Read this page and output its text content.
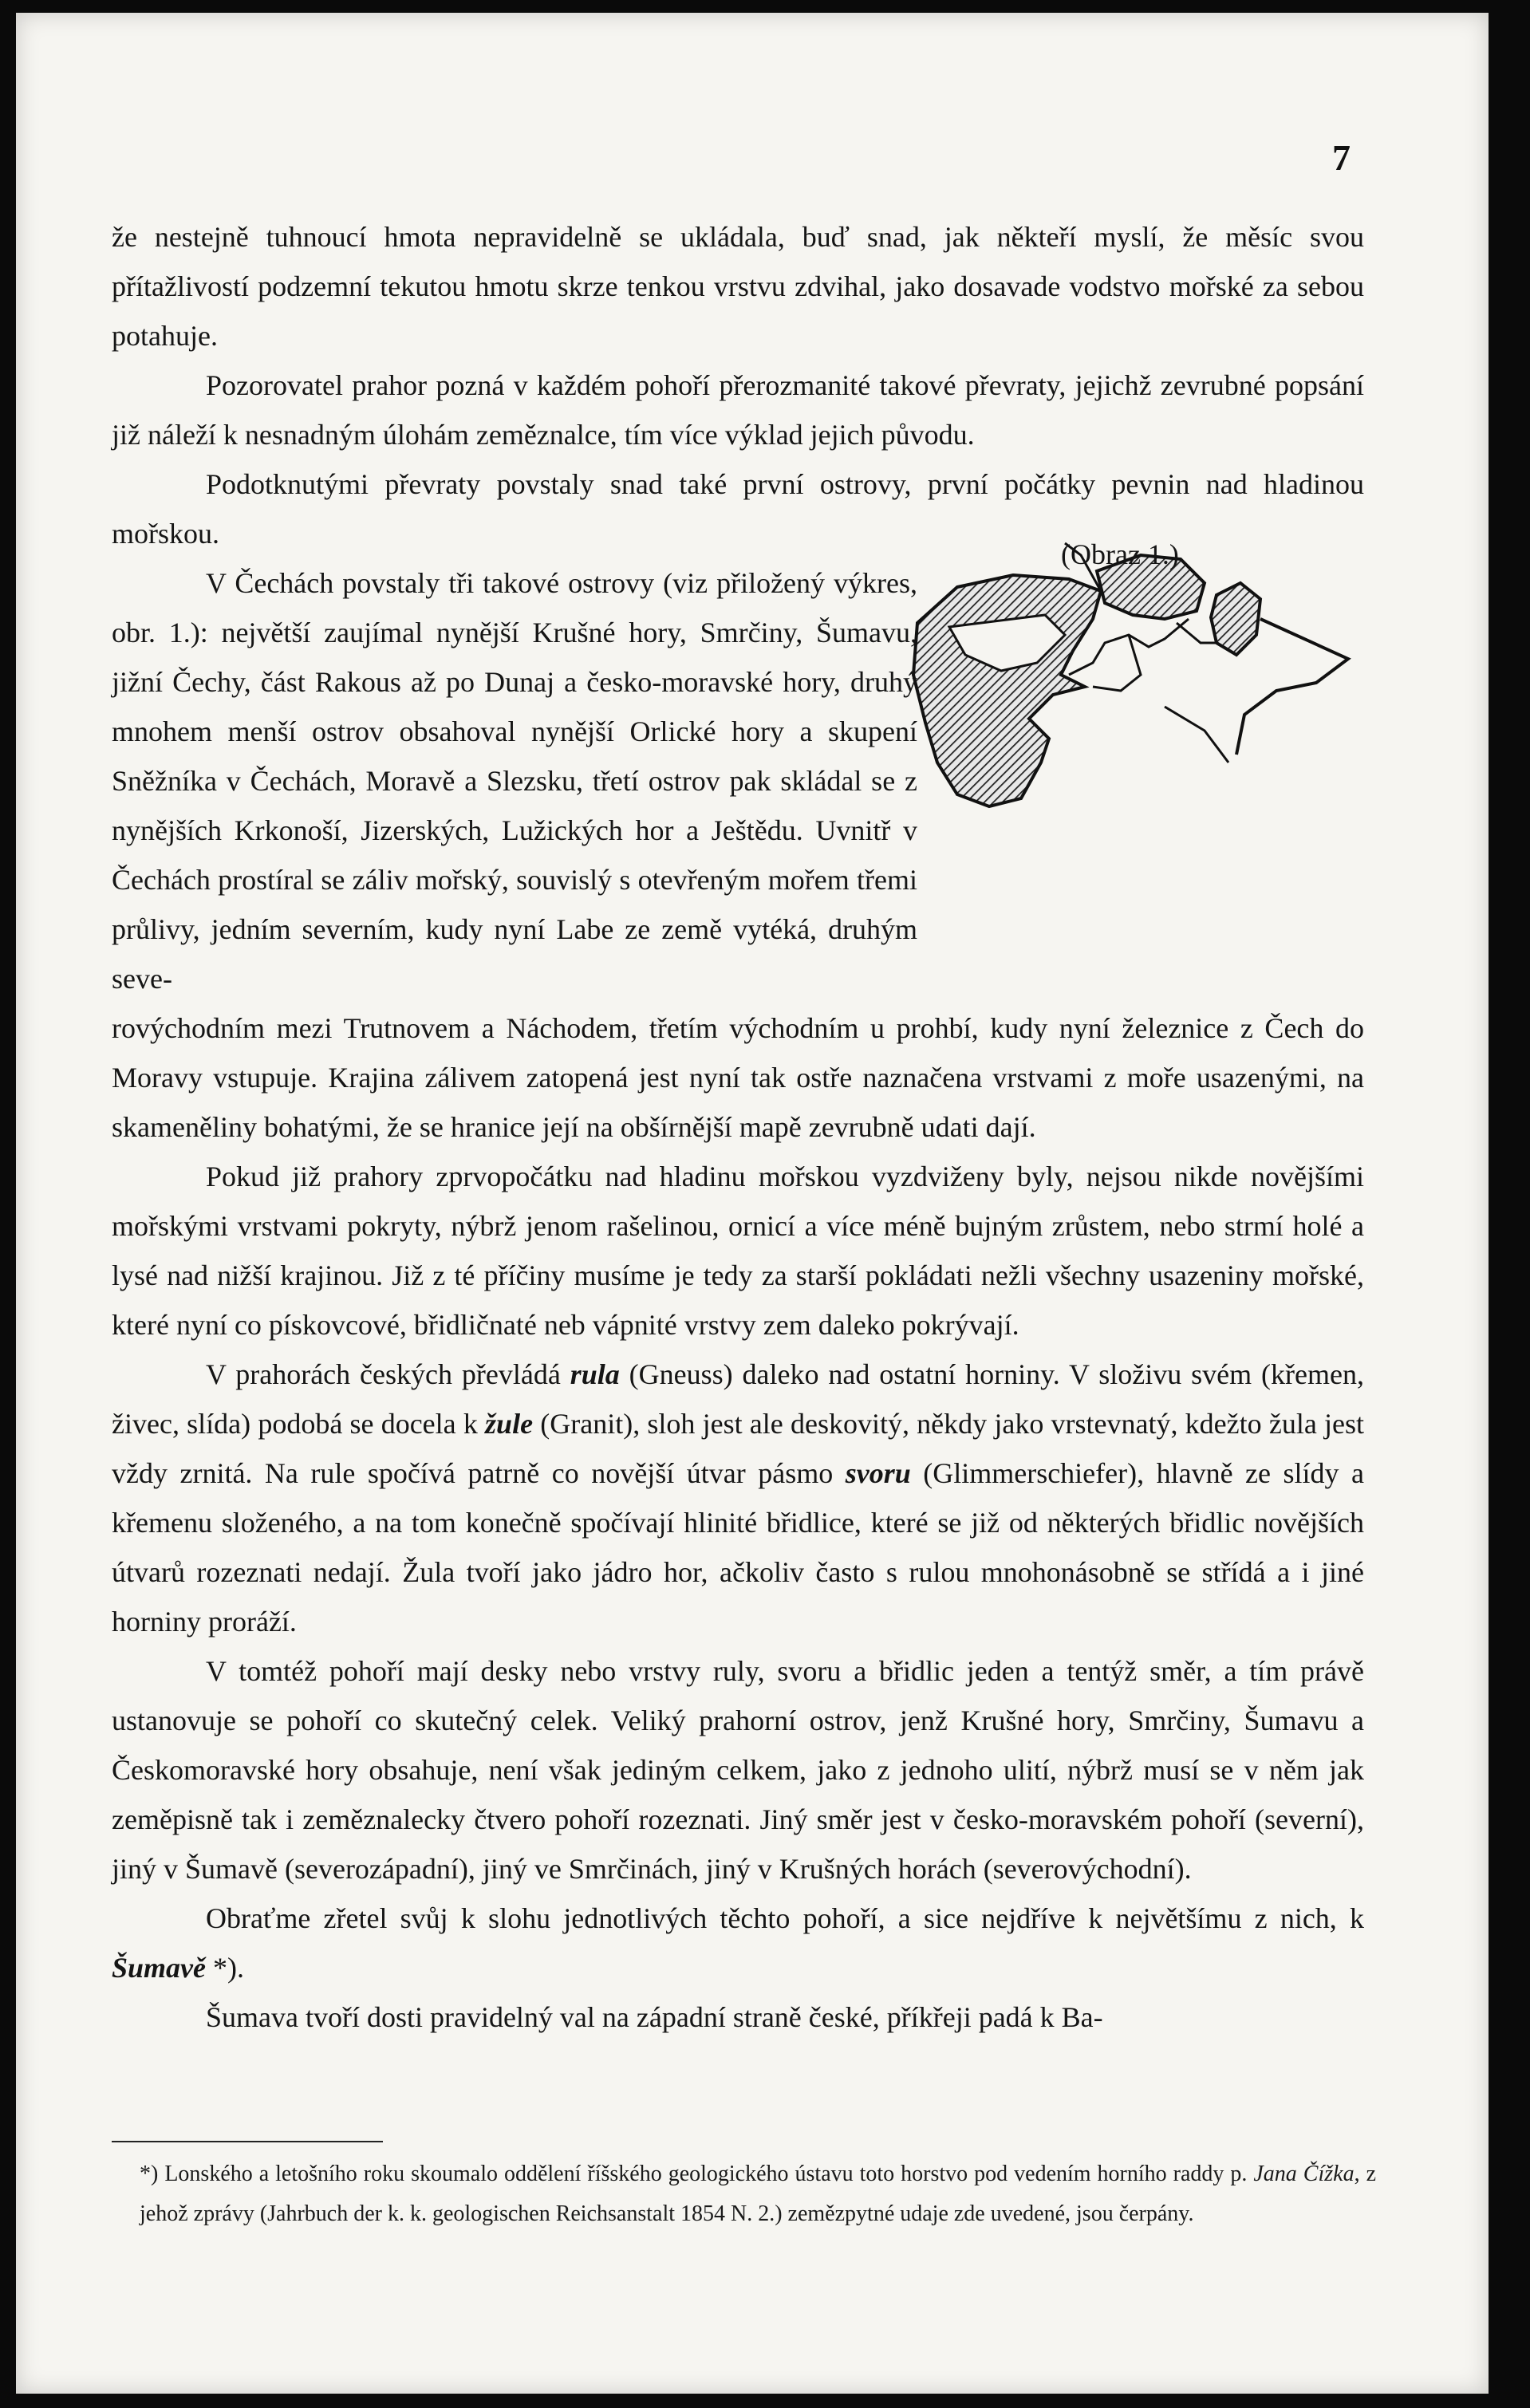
7
(Obraz 1.)

že nestejně tuhnoucí hmota nepravidelně se ukládala, buď snad, jak někteří myslí, že měsíc svou přítažlivostí podzemní tekutou hmotu skrze tenkou vrstvu zdvihal, jako dosavade vodstvo mořské za sebou potahuje.

Pozorovatel prahor pozná v každém pohoří přerozmanité takové převraty, jejichž zevrubné popsání již náleží k nesnadným úlohám zeměznalce, tím více výklad jejich původu.

Podotknutými převraty povstaly snad také první ostrovy, první počátky pevnin nad hladinou mořskou.

V Čechách povstaly tři takové ostrovy (viz přiložený výkres, obr. 1.): největší zaujímal nynější Krušné hory, Smrčiny, Šumavu, jižní Čechy, část Rakous až po Dunaj a česko-moravské hory, druhý mnohem menší ostrov obsahoval nynější Orlické hory a skupení Sněžníka v Čechách, Moravě a Slezsku, třetí ostrov pak skládal se z nynějších Krkonoší, Jizerských, Lužických hor a Ještědu. Uvnitř v Čechách prostíral se záliv mořský, souvislý s otevřeným mořem třemi průlivy, jedním severním, kudy nyní Labe ze země vytéká, druhým seve-

rovýchodním mezi Trutnovem a Náchodem, třetím východním u prohbí, kudy nyní železnice z Čech do Moravy vstupuje. Krajina zálivem zatopená jest nyní tak ostře naznačena vrstvami z moře usazenými, na skameněliny bohatými, že se hranice její na obšírnější mapě zevrubně udati dají.

Pokud již prahory zprvopočátku nad hladinu mořskou vyzdviženy byly, nejsou nikde novějšími mořskými vrstvami pokryty, nýbrž jenom rašelinou, ornicí a více méně bujným zrůstem, nebo strmí holé a lysé nad nižší krajinou. Již z té příčiny musíme je tedy za starší pokládati nežli všechny usazeniny mořské, které nyní co pískovcové, břidličnaté neb vápnité vrstvy zem daleko pokrývají.

V prahorách českých převládá rula (Gneuss) daleko nad ostatní horniny. V složivu svém (křemen, živec, slída) podobá se docela k žule (Granit), sloh jest ale deskovitý, někdy jako vrstevnatý, kdežto žula jest vždy zrnitá. Na rule spočívá patrně co novější útvar pásmo svoru (Glimmerschiefer), hlavně ze slídy a křemenu složeného, a na tom konečně spočívají hlinité břidlice, které se již od některých břidlic novějších útvarů rozeznati nedají. Žula tvoří jako jádro hor, ačkoliv často s rulou mnohonásobně se střídá a i jiné horniny proráží.

V tomtéž pohoří mají desky nebo vrstvy ruly, svoru a břidlic jeden a tentýž směr, a tím právě ustanovuje se pohoří co skutečný celek. Veliký prahorní ostrov, jenž Krušné hory, Smrčiny, Šumavu a Českomoravské hory obsahuje, není však jediným celkem, jako z jednoho ulití, nýbrž musí se v něm jak zeměpisně tak i zeměznalecky čtvero pohoří rozeznati. Jiný směr jest v česko-moravském pohoří (severní), jiný v Šumavě (severozápadní), jiný ve Smrčinách, jiný v Krušných horách (severovýchodní).

Obraťme zřetel svůj k slohu jednotlivých těchto pohoří, a sice nejdříve k největšímu z nich, k Šumavě *).

Šumava tvoří dosti pravidelný val na západní straně české, příkřeji padá k Ba-

*) Lonského a letošního roku skoumalo oddělení říšského geologického ústavu toto horstvo pod vedením horního raddy p. Jana Čížka, z jehož zprávy (Jahrbuch der k. k. geologischen Reichsanstalt 1854 N. 2.) zemězpytné udaje zde uvedené, jsou čerpány.
